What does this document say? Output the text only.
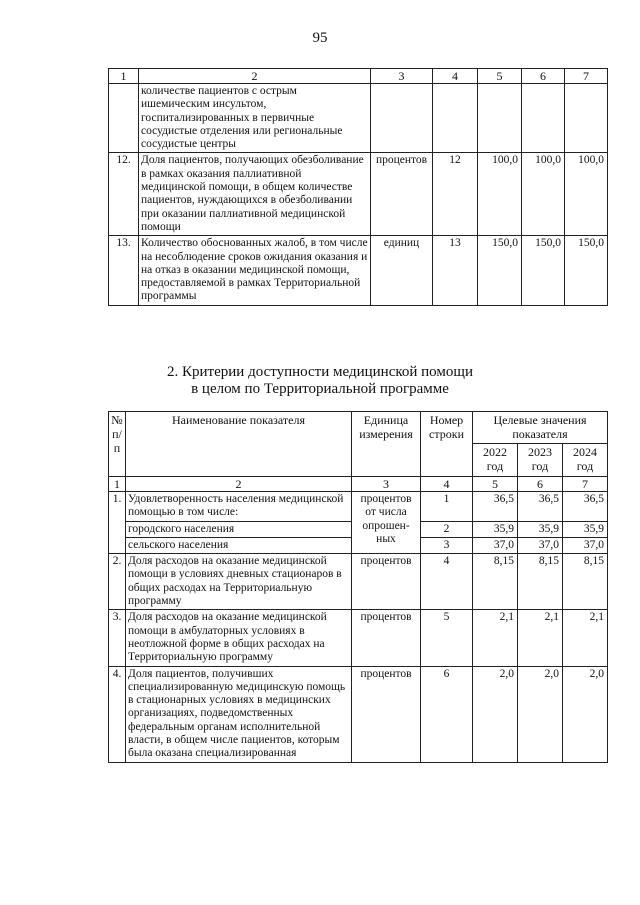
95
1	2	3	4	5	6	7
	количестве пациентов с острым ишемическим инсультом, госпитализированных в первичные сосудистые отделения или региональные сосудистые центры					
12.	Доля пациентов, получающих обезболивание в рамках оказания паллиативной медицинской помощи, в общем количестве пациентов, нуждающихся в обезболивании при оказании паллиативной медицинской помощи	процентов	12	100,0	100,0	100,0
13.	Количество обоснованных жалоб, в том числе на несоблюдение сроков ожидания оказания и на отказ в оказании медицинской помощи, предоставляемой в рамках Территориальной программы	единиц	13	150,0	150,0	150,0
2. Критерии доступности медицинской помощи
в целом по Территориальной программе
№ п/п	Наименование показателя	Единица измерения	Номер строки	Целевые значения показателя		
				2022 год	2023 год	2024 год
1	2	3	4	5	6	7
1.	Удовлетворенность населения медицинской помощью в том числе:	процентов от числа опрошен-ных	1	36,5	36,5	36,5
	городского населения		2	35,9	35,9	35,9
	сельского населения		3	37,0	37,0	37,0
2.	Доля расходов на оказание медицинской помощи в условиях дневных стационаров в общих расходах на Территориальную программу	процентов	4	8,15	8,15	8,15
3.	Доля расходов на оказание медицинской помощи в амбулаторных условиях в неотложной форме в общих расходах на Территориальную программу	процентов	5	2,1	2,1	2,1
4.	Доля пациентов, получивших специализированную медицинскую помощь в стационарных условиях в медицинских организациях, подведомственных федеральным органам исполнительной власти, в общем числе пациентов, которым была оказана специализированная	процентов	6	2,0	2,0	2,0
